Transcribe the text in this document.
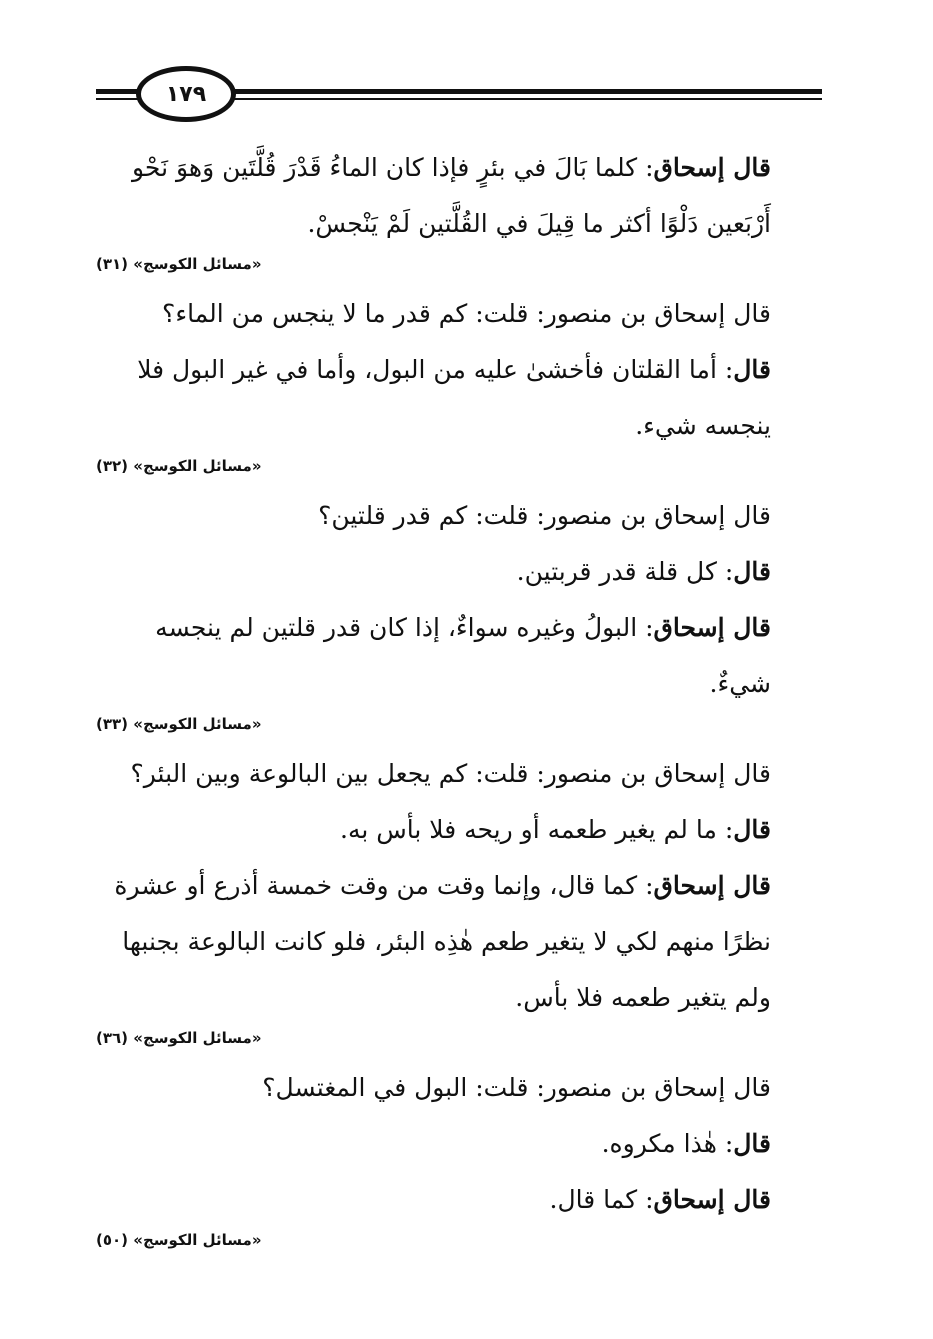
١٧٩

قال إسحاق: كلما بَالَ في بئرٍ فإذا كان الماءُ قَدْرَ قُلَّتَين وَهوَ نَحْو أَرْبَعين دَلْوًا أكثر ما قِيلَ في القُلَّتين لَمْ يَنْجسْ.

«مسائل الكوسج» (٣١)

قال إسحاق بن منصور: قلت: كم قدر ما لا ينجس من الماء؟

قال: أما القلتان فأخشىٰ عليه من البول، وأما في غير البول فلا ينجسه شيء.

«مسائل الكوسج» (٣٢)

قال إسحاق بن منصور: قلت: كم قدر قلتين؟

قال: كل قلة قدر قربتين.

قال إسحاق: البولُ وغيره سواءٌ، إذا كان قدر قلتين لم ينجسه شيءٌ.

«مسائل الكوسج» (٣٣)

قال إسحاق بن منصور: قلت: كم يجعل بين البالوعة وبين البئر؟

قال: ما لم يغير طعمه أو ريحه فلا بأس به.

قال إسحاق: كما قال، وإنما وقت من وقت خمسة أذرع أو عشرة نظرًا منهم لكي لا يتغير طعم هٰذِه البئر، فلو كانت البالوعة بجنبها ولم يتغير طعمه فلا بأس.

«مسائل الكوسج» (٣٦)

قال إسحاق بن منصور: قلت: البول في المغتسل؟

قال: هٰذا مكروه.

قال إسحاق: كما قال.

«مسائل الكوسج» (٥٠)
